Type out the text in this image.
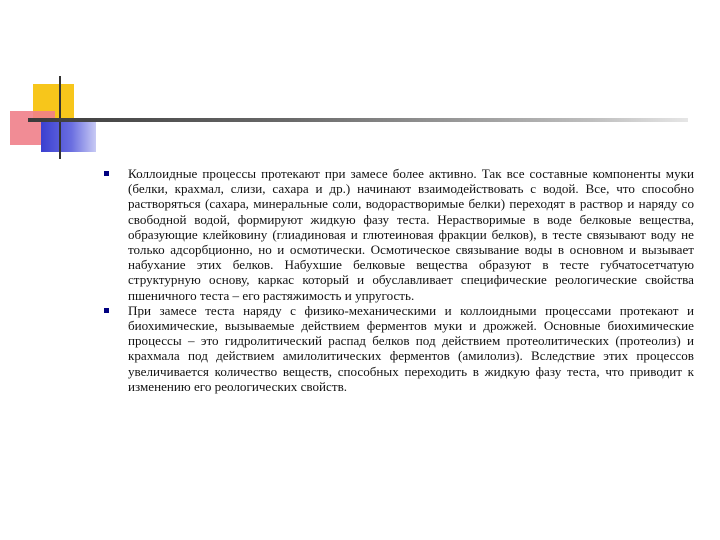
Коллоидные процессы протекают при замесе более активно. Так все составные компоненты муки (белки, крахмал, слизи, сахара и др.) начинают взаимодействовать с водой. Все, что способно растворяться (сахара, минеральные соли, водорастворимые белки) переходят в раствор и наряду со свободной водой, формируют жидкую фазу теста. Нерастворимые в воде белковые вещества, образующие клейковину (глиадиновая и глютеиновая фракции белков), в тесте связывают воду не только адсорбционно, но и осмотически. Осмотическое связывание воды в основном и вызывает набухание этих белков. Набухшие белковые вещества образуют в тесте губчатосетчатую структурную основу, каркас который и обуславливает специфические реологические свойства пшеничного теста – его растяжимость и упругость.

При замесе теста наряду с физико-механическими и коллоидными процессами протекают и биохимические, вызываемые действием ферментов муки и дрожжей. Основные биохимические процессы – это гидролитический распад белков под действием протеолитических (протеолиз) и крахмала под действием амилолитических ферментов (амилолиз). Вследствие этих процессов увеличивается количество веществ, способных переходить в жидкую фазу теста, что приводит к изменению его реологических свойств.
